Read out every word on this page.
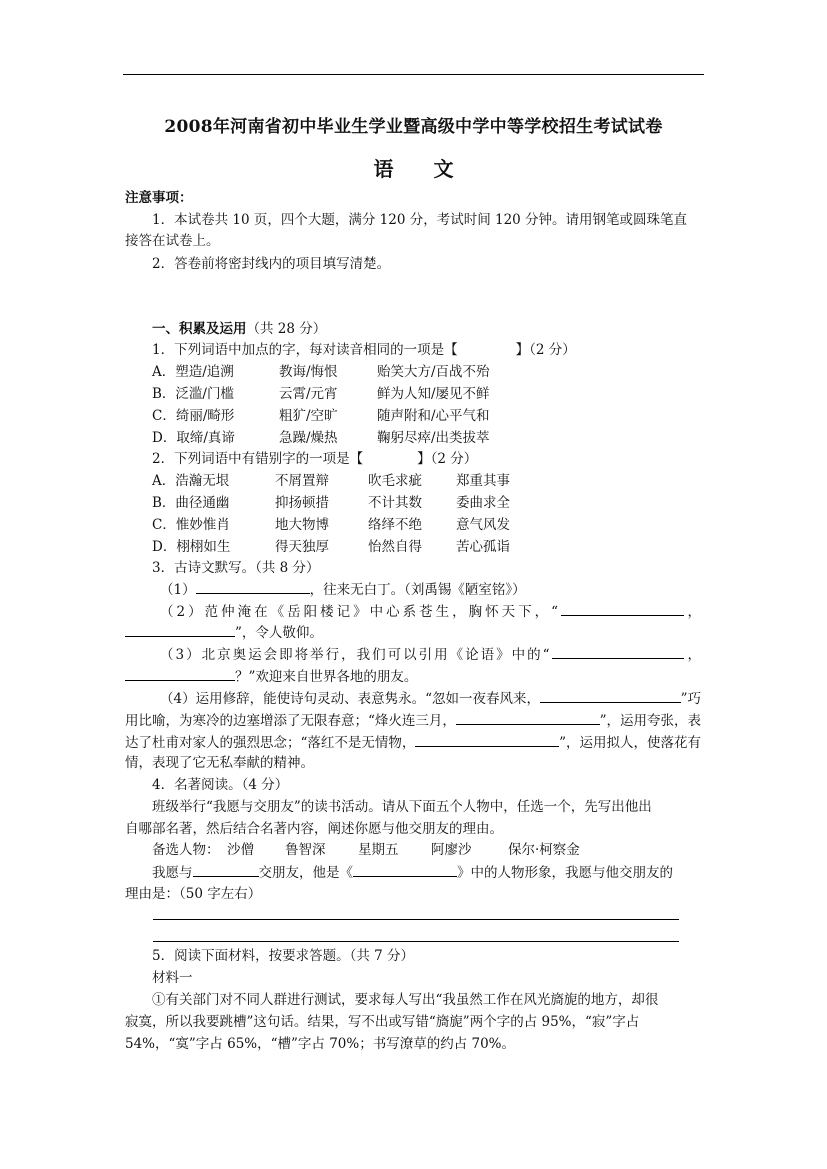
2008年河南省初中毕业生学业暨高级中学中等学校招生考试试卷
语 文
注意事项：
1．本试卷共 10 页，四个大题，满分 120 分，考试时间 120 分钟。请用钢笔或圆珠笔直
接答在试卷上。
2．答卷前将密封线内的项目填写清楚。
一、积累及运用（共 28 分）
1．下列词语中加点的字，每对读音相同的一项是【	】（2 分）
A．塑造/追溯	教诲/悔恨	贻笑大方/百战不殆
B．泛滥/门槛	云霄/元宵	鲜为人知/屡见不鲜
C．绮丽/畸形	粗犷/空旷	随声附和/心平气和
D．取缔/真谛	急躁/燥热	鞠躬尽瘁/出类拔萃
2．下列词语中有错别字的一项是【	】（2 分）
A．浩瀚无垠	不屑置辩	吹毛求疵	郑重其事
B．曲径通幽	抑扬顿措	不计其数	委曲求全
C．惟妙惟肖	地大物博	络绎不绝	意气风发
D．栩栩如生	得天独厚	怡然自得	苦心孤诣
3．古诗文默写。（共 8 分）
（1）	，往来无白丁。（刘禹锡《陋室铭》）
（2）范仲淹在《岳阳楼记》中心系苍生，胸怀天下，“	，
”，令人敬仰。
（3）北京奥运会即将举行，我们可以引用《论语》中的“	，
？”欢迎来自世界各地的朋友。
（4）运用修辞，能使诗句灵动、表意隽永。“忽如一夜春风来，	”巧
用比喻，为寒冷的边塞增添了无限春意；“烽火连三月，	”，运用夸张，表
达了杜甫对家人的强烈思念；“落红不是无情物，	”，运用拟人，使落花有
情，表现了它无私奉献的精神。
4．名著阅读。（4 分）
班级举行“我愿与交朋友”的读书活动。请从下面五个人物中，任选一个，先写出他出
自哪部名著，然后结合名著内容，阐述你愿与他交朋友的理由。
备选人物： 沙僧 鲁智深 星期五 阿廖沙	保尔·柯察金
我愿与	交朋友，他是《	》中的人物形象，我愿与他交朋友的
理由是：（50 字左右）
5．阅读下面材料，按要求答题。（共 7 分）
材料一
①有关部门对不同人群进行测试，要求每人写出“我虽然工作在风光旖旎的地方，却很
寂寞，所以我要跳槽”这句话。结果，写不出或写错“旖旎”两个字的占 95%，“寂”字占
54%，“寞”字占 65%，“槽”字占 70%；书写潦草的约占 70%。
